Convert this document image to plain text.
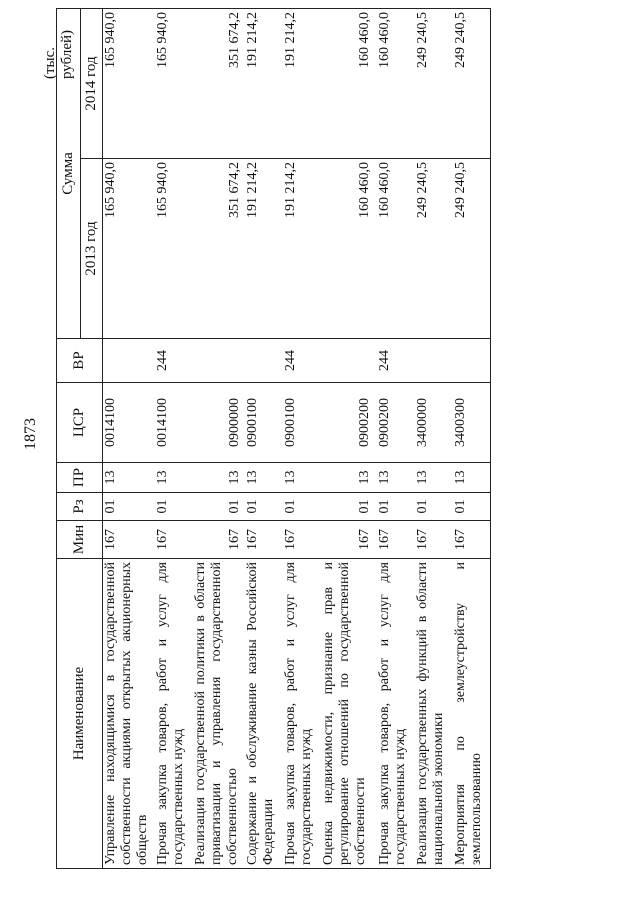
1873
(тыс. рублей)
Наименование	Мин	Рз	ПР	ЦСР	ВР	Сумма	
						2013 год	2014 год
Управление находящимися в государственной собственности акциями открытых акционерных обществ	167	01	13	0014100		165 940,0	165 940,0
Прочая закупка товаров, работ и услуг для государственных нужд	167	01	13	0014100	244	165 940,0	165 940,0
Реализация государственной политики в области приватизации и управления государственной собственностью	167	01	13	0900000		351 674,2	351 674,2
Содержание и обслуживание казны Российской Федерации	167	01	13	0900100		191 214,2	191 214,2
Прочая закупка товаров, работ и услуг для государственных нужд	167	01	13	0900100	244	191 214,2	191 214,2
Оценка недвижимости, признание прав и регулирование отношений по государственной собственности	167	01	13	0900200		160 460,0	160 460,0
Прочая закупка товаров, работ и услуг для государственных нужд	167	01	13	0900200	244	160 460,0	160 460,0
Реализация государственных функций в области национальной экономики	167	01	13	3400000		249 240,5	249 240,5
Мероприятия по землеустройству и землепользованию	167	01	13	3400300		249 240,5	249 240,5
